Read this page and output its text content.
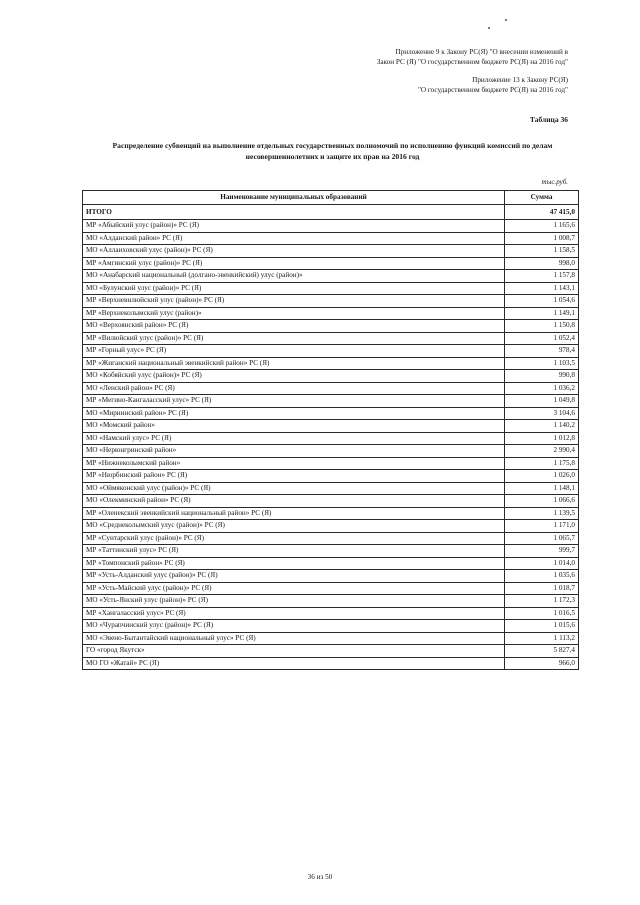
Приложение 9 к Закону РС(Я) "О внесении изменений в
Закон РС (Я) "О государственном бюджете РС(Я) на 2016 год"
Приложение 13 к Закону РС(Я)
"О государственном бюджете РС(Я) на 2016 год"
Таблица 36
Распределение субвенций на выполнение отдельных государственных полномочий по исполнению функций комиссий по делам
несовершеннолетних и защите их прав на 2016 год
тыс.руб.
Наименование муниципальных образований	Сумма
ИТОГО	47 415,0
МР «Абыйский улус (район)» РС (Я)	1 165,6
МО «Алданский район» РС (Я)	1 008,7
МО «Аллаиховский улус (район)» РС (Я)	1 158,5
МР «Амгинский улус (район)» РС (Я)	998,0
МО «Анабарский национальный (долгано-эвенкийский) улус (район)»	1 157,8
МО «Булунский улус (район)» РС (Я)	1 143,1
МР «Верхневилюйский улус (район)» РС (Я)	1 054,6
МР «Верхнеколымский улус (район)»	1 149,1
МО «Верхоянский район» РС (Я)	1 150,8
МР «Вилюйский улус (район)» РС (Я)	1 052,4
МР «Горный улус» РС (Я)	978,4
МР «Жиганский национальный эвенкийский район» РС (Я)	1 103,5
МО «Кобяйский улус (район)» РС (Я)	990,8
МО «Ленский район» РС (Я)	1 036,2
МР «Мегино-Кангаласский улус» РС (Я)	1 049,8
МО «Мирнинский район» РС (Я)	3 104,6
МО «Момский район»	1 140,2
МО «Намский улус» РС (Я)	1 012,8
МО «Нерюнгринский район»	2 990,4
МР «Нижнеколымский район»	1 175,8
МР «Нюрбинский район» РС (Я)	1 026,0
МО «Оймяконский улус (район)» РС (Я)	1 148,1
МО «Олекминский район» РС (Я)	1 066,6
МР «Оленекский эвенкийский национальный район» РС (Я)	1 139,5
МО «Среднеколымский улус (район)» РС (Я)	1 171,0
МР «Сунтарский улус (район)» РС (Я)	1 065,7
МР «Таттинский улус» РС (Я)	999,7
МР «Томпонский район» РС (Я)	1 014,0
МР «Усть-Алданский улус (район)» РС (Я)	1 035,6
МР «Усть-Майский улус (район)» РС (Я)	1 018,7
МО «Усть-Янский улус (район)» РС (Я)	1 172,3
МР «Хангаласский улус» РС (Я)	1 016,5
МО «Чурапчинский улус (район)» РС (Я)	1 015,6
МО «Эвено-Бытантайский национальный улус» РС (Я)	1 113,2
ГО «город Якутск»	5 827,4
МО ГО «Жатай» РС (Я)	966,0
36 из 50
